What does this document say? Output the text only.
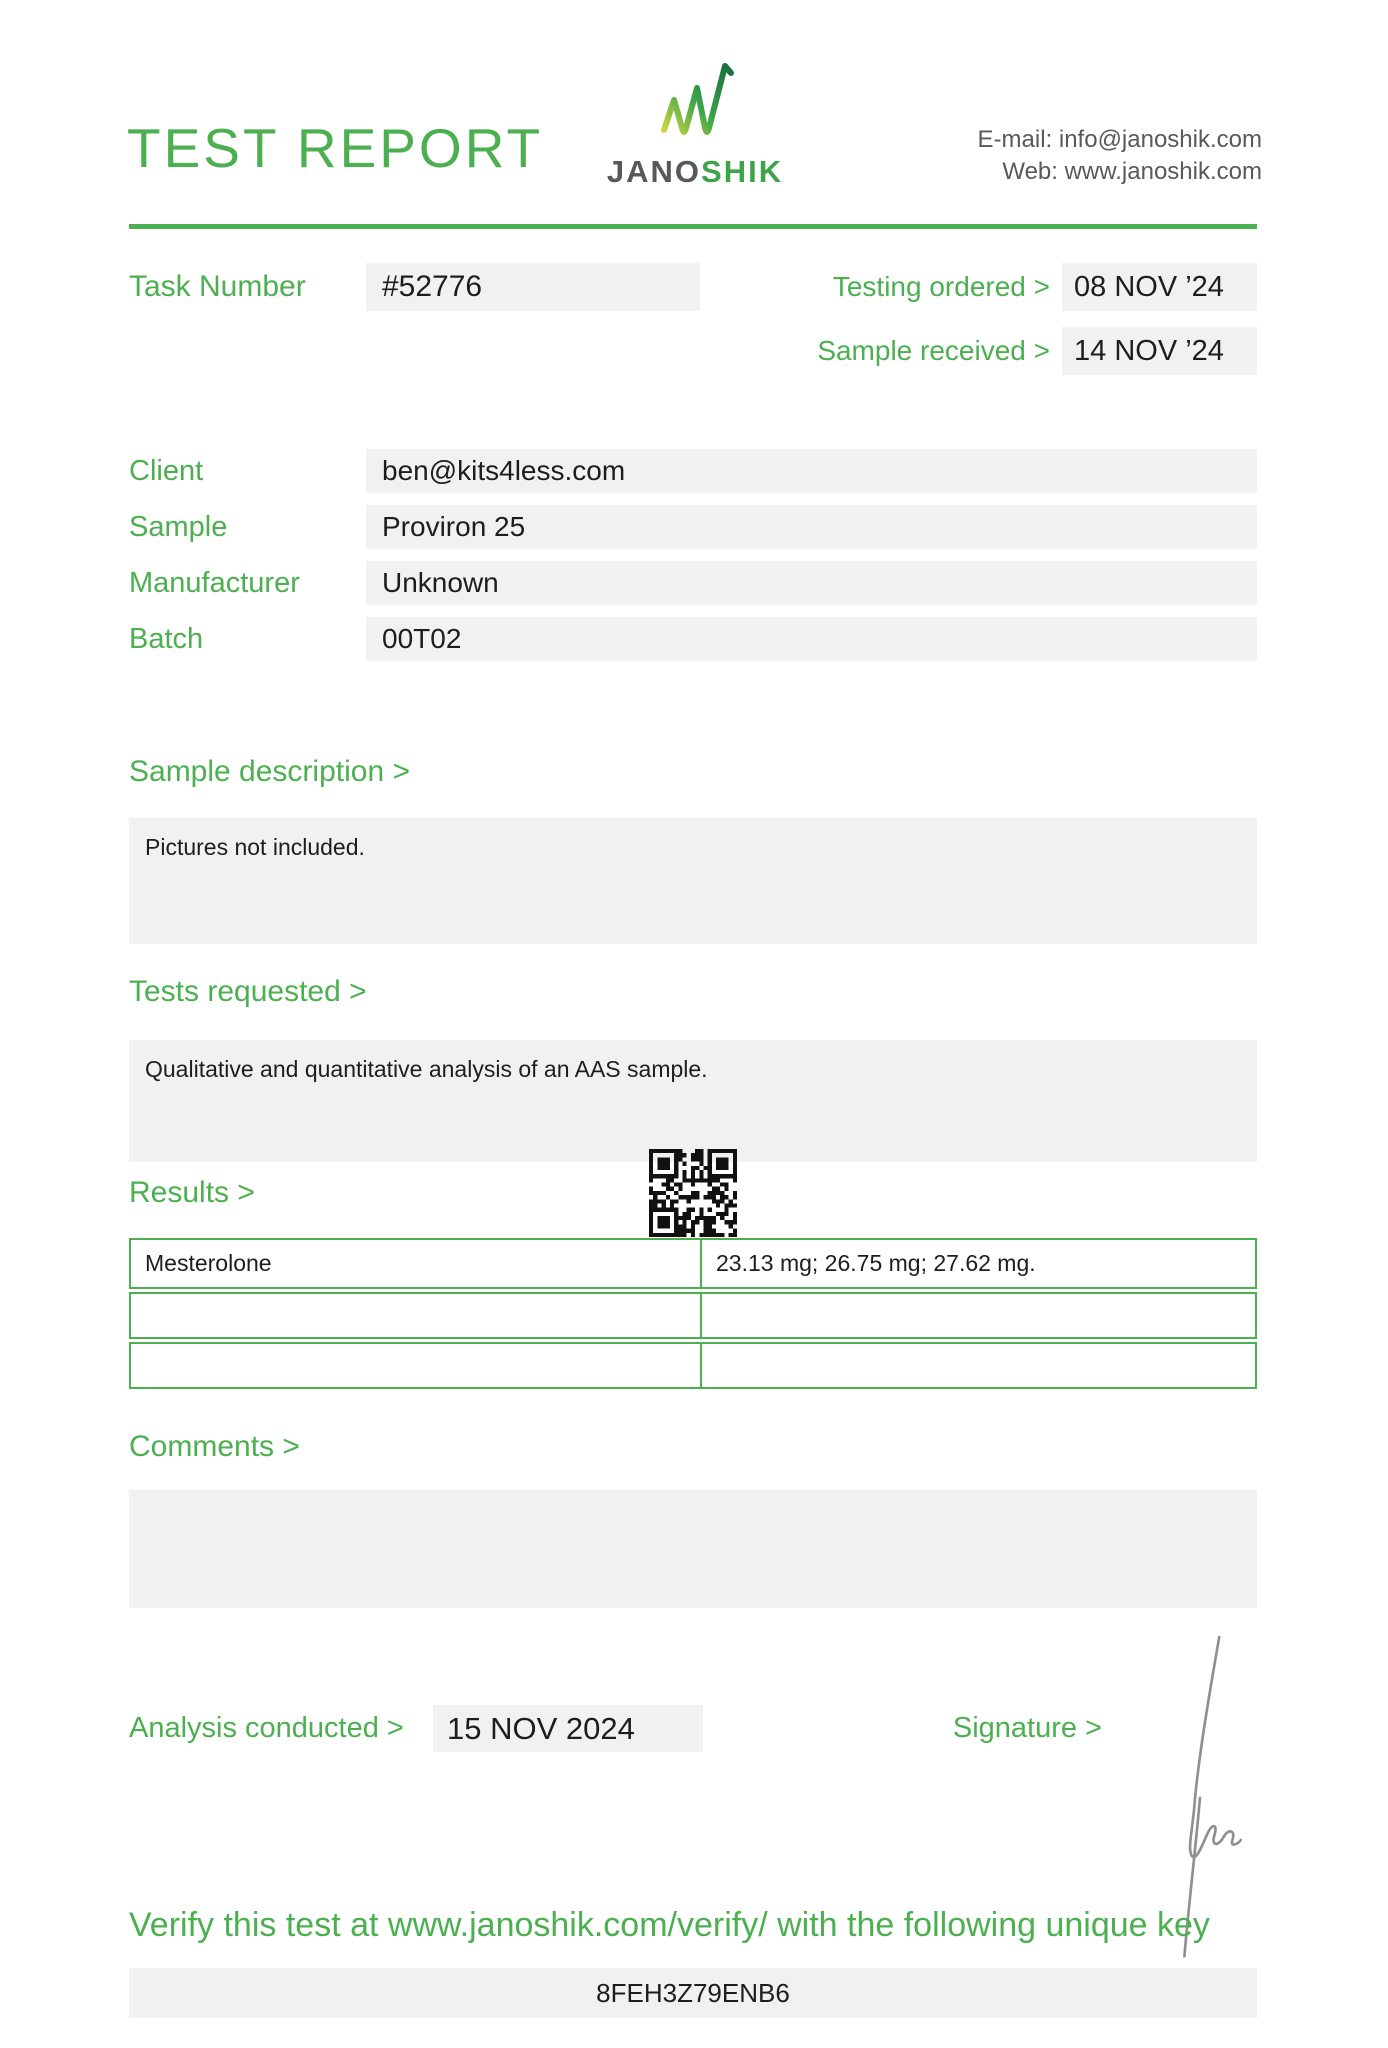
TEST REPORT	JANOSHIK
E-mail: info@janoshik.com
Web: www.janoshik.com
Task Number	#52776	Testing ordered > 08 NOV ’24
Sample received > 14 NOV ’24
Client	ben@kits4less.com
Sample	Proviron 25
Manufacturer	Unknown
Batch	00T02
Sample description >
Pictures not included.
Tests requested >
Qualitative and quantitative analysis of an AAS sample.
Results >
Mesterolone	23.13 mg; 26.75 mg; 27.62 mg.
Comments >
Analysis conducted >	15 NOV 2024	Signature >
Verify this test at www.janoshik.com/verify/ with the following unique key
8FEH3Z79ENB6
